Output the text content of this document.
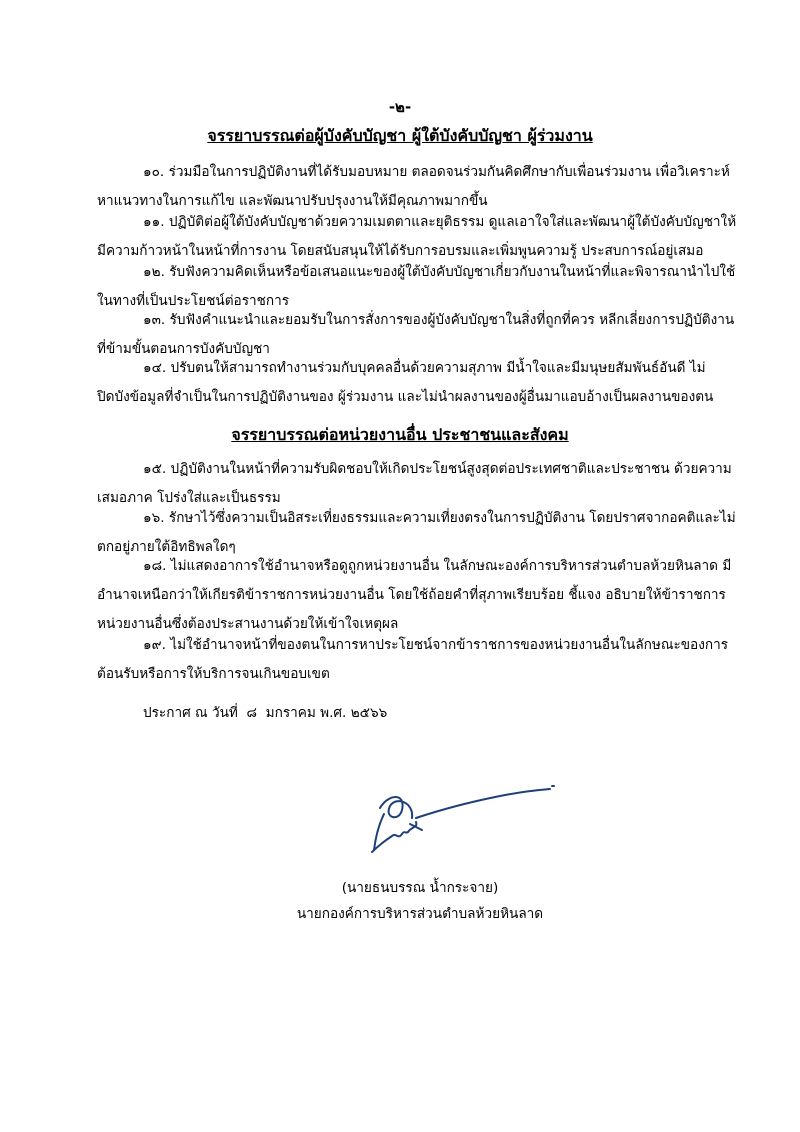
-๒-
จรรยาบรรณต่อผู้บังคับบัญชา ผู้ใต้บังคับบัญชา ผู้ร่วมงาน

๑๐. ร่วมมือในการปฏิบัติงานที่ได้รับมอบหมาย ตลอดจนร่วมกันคิดศึกษากับเพื่อนร่วมงาน เพื่อวิเคราะห์หาแนวทางในการแก้ไข และพัฒนาปรับปรุงงานให้มีคุณภาพมากขึ้น

๑๑. ปฏิบัติต่อผู้ใต้บังคับบัญชาด้วยความเมตตาและยุติธรรม ดูแลเอาใจใส่และพัฒนาผู้ใต้บังคับบัญชาให้มีความก้าวหน้าในหน้าที่การงาน โดยสนับสนุนให้ได้รับการอบรมและเพิ่มพูนความรู้ ประสบการณ์อยู่เสมอ

๑๒. รับฟังความคิดเห็นหรือข้อเสนอแนะของผู้ใต้บังคับบัญชาเกี่ยวกับงานในหน้าที่และพิจารณานำไปใช้ในทางที่เป็นประโยชน์ต่อราชการ

๑๓. รับฟังคำแนะนำและยอมรับในการสั่งการของผู้บังคับบัญชาในสิ่งที่ถูกที่ควร หลีกเลี่ยงการปฏิบัติงานที่ข้ามขั้นตอนการบังคับบัญชา

๑๔. ปรับตนให้สามารถทำงานร่วมกับบุคคลอื่นด้วยความสุภาพ มีน้ำใจและมีมนุษยสัมพันธ์อันดี ไม่ปิดบังข้อมูลที่จำเป็นในการปฏิบัติงานของ ผู้ร่วมงาน และไม่นำผลงานของผู้อื่นมาแอบอ้างเป็นผลงานของตน

จรรยาบรรณต่อหน่วยงานอื่น ประชาชนและสังคม

๑๕. ปฏิบัติงานในหน้าที่ความรับผิดชอบให้เกิดประโยชน์สูงสุดต่อประเทศชาติและประชาชน ด้วยความเสมอภาค โปร่งใส่และเป็นธรรม

๑๖. รักษาไว้ซึ่งความเป็นอิสระเที่ยงธรรมและความเที่ยงตรงในการปฏิบัติงาน โดยปราศจากอคติและไม่ตกอยู่ภายใต้อิทธิพลใดๆ

๑๘. ไม่แสดงอาการใช้อำนาจหรือดูถูกหน่วยงานอื่น ในลักษณะองค์การบริหารส่วนตำบลห้วยหินลาด มีอำนาจเหนือกว่าให้เกียรติข้าราชการหน่วยงานอื่น โดยใช้ถ้อยคำที่สุภาพเรียบร้อย ชี้แจง อธิบายให้ข้าราชการหน่วยงานอื่นซึ่งต้องประสานงานด้วยให้เข้าใจเหตุผล

๑๙. ไม่ใช้อำนาจหน้าที่ของตนในการหาประโยชน์จากข้าราชการของหน่วยงานอื่นในลักษณะของการต้อนรับหรือการให้บริการจนเกินขอบเขต

ประกาศ ณ วันที่  ๘  มกราคม พ.ศ. ๒๕๖๖
(นายธนบรรณ น้ำกระจาย)
นายกองค์การบริหารส่วนตำบลห้วยหินลาด
